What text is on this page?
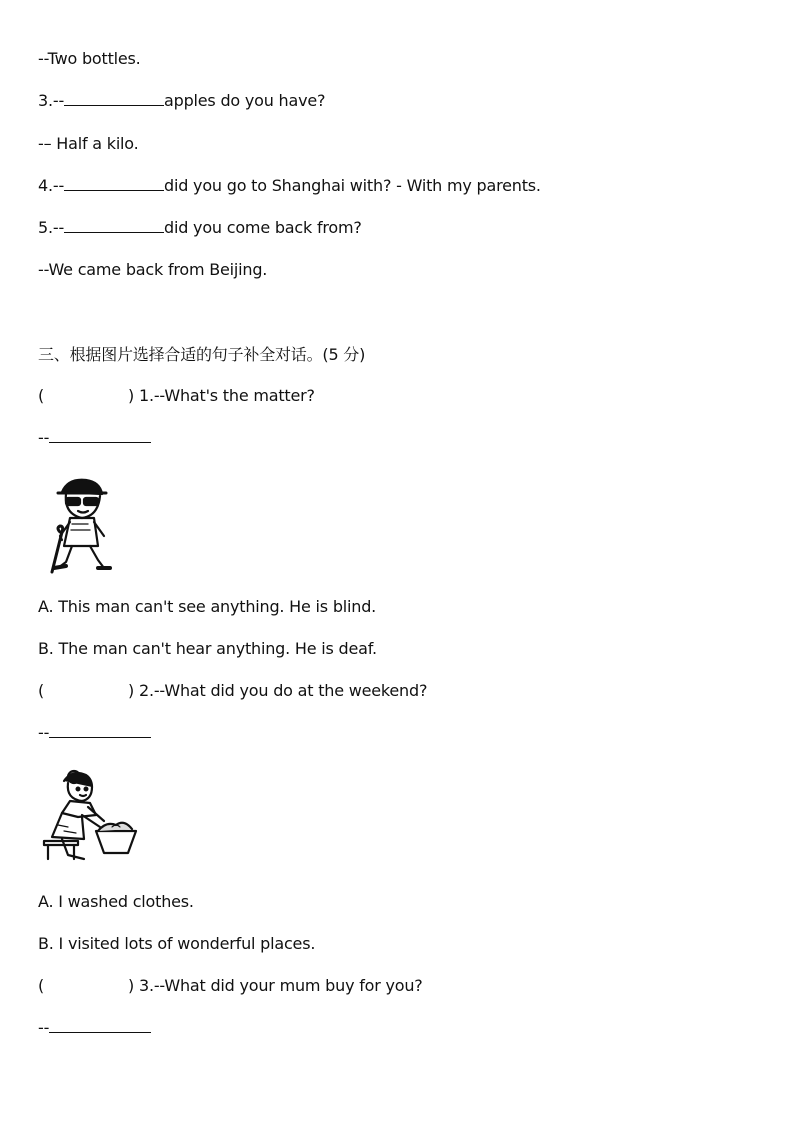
--Two bottles.
3.--	apples do you have?
-– Half a kilo.
4.--	did you go to Shanghai with? - With my parents.
5.--	did you come back from?
--We came back from Beijing.
三、根据图片选择合适的句子补全对话。(5 分)
(	) 1.--What's the matter?
--
A. This man can't see anything. He is blind.
B. The man can't hear anything. He is deaf.
(	) 2.--What did you do at the weekend?
--
A. I washed clothes.
B. I visited lots of wonderful places.
(	) 3.--What did your mum buy for you?
--
